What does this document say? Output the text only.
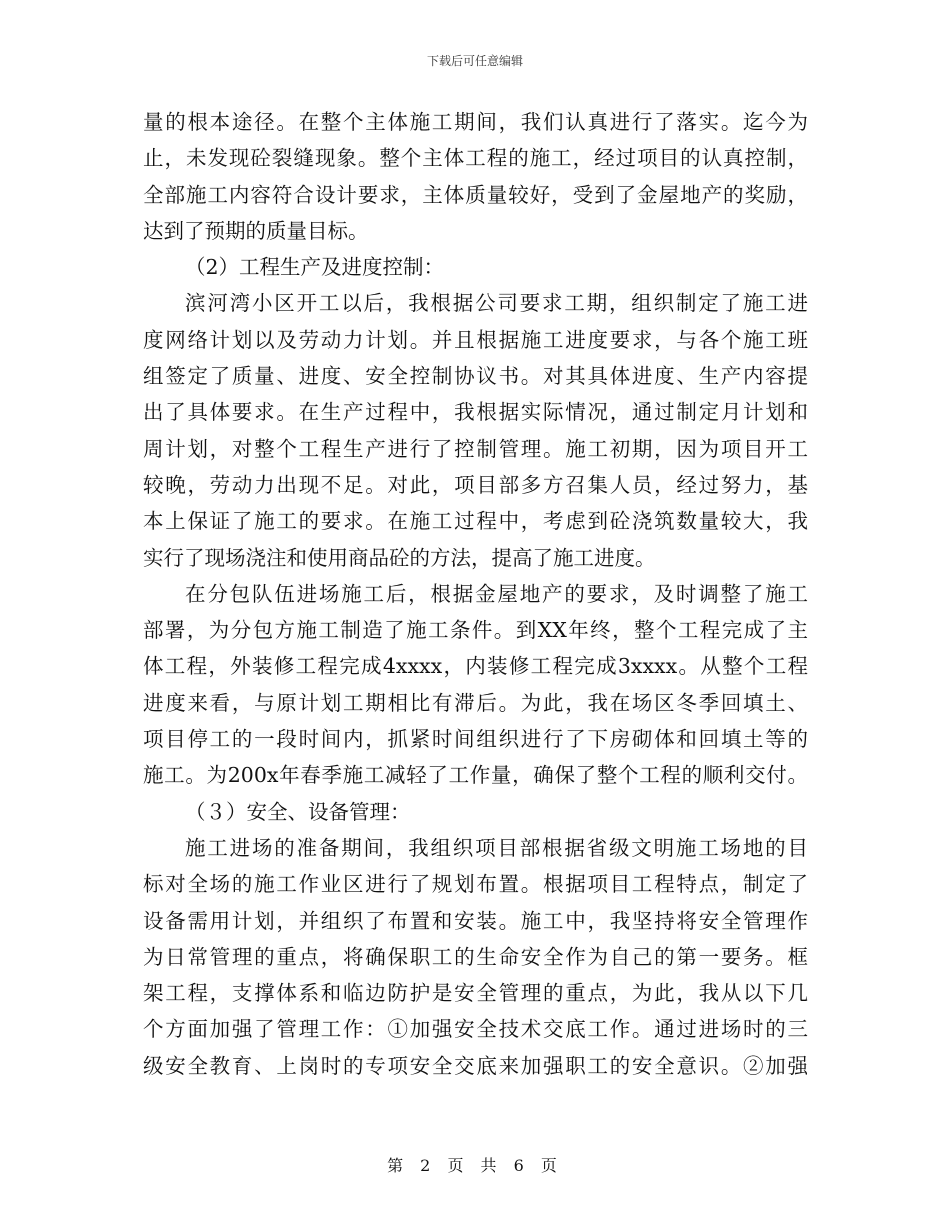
下载后可任意编辑
量的根本途径。在整个主体施工期间，我们认真进行了落实。迄今为
止，未发现砼裂缝现象。整个主体工程的施工，经过项目的认真控制，
全部施工内容符合设计要求，主体质量较好，受到了金屋地产的奖励，
达到了预期的质量目标。
（2）工程生产及进度控制：
滨河湾小区开工以后，我根据公司要求工期，组织制定了施工进
度网络计划以及劳动力计划。并且根据施工进度要求，与各个施工班
组签定了质量、进度、安全控制协议书。对其具体进度、生产内容提
出了具体要求。在生产过程中，我根据实际情况，通过制定月计划和
周计划，对整个工程生产进行了控制管理。施工初期，因为项目开工
较晚，劳动力出现不足。对此，项目部多方召集人员，经过努力，基
本上保证了施工的要求。在施工过程中，考虑到砼浇筑数量较大，我
实行了现场浇注和使用商品砼的方法，提高了施工进度。
在分包队伍进场施工后，根据金屋地产的要求，及时调整了施工
部署，为分包方施工制造了施工条件。到XX年终，整个工程完成了主
体工程，外装修工程完成4xxxx，内装修工程完成3xxxx。从整个工程
进度来看，与原计划工期相比有滞后。为此，我在场区冬季回填土、
项目停工的一段时间内，抓紧时间组织进行了下房砌体和回填土等的
施工。为200x年春季施工减轻了工作量，确保了整个工程的顺利交付。
（３）安全、设备管理：
施工进场的准备期间，我组织项目部根据省级文明施工场地的目
标对全场的施工作业区进行了规划布置。根据项目工程特点，制定了
设备需用计划，并组织了布置和安装。施工中，我坚持将安全管理作
为日常管理的重点，将确保职工的生命安全作为自己的第一要务。框
架工程，支撑体系和临边防护是安全管理的重点，为此，我从以下几
个方面加强了管理工作：①加强安全技术交底工作。通过进场时的三
级安全教育、上岗时的专项安全交底来加强职工的安全意识。②加强
第 2 页 共 6 页
